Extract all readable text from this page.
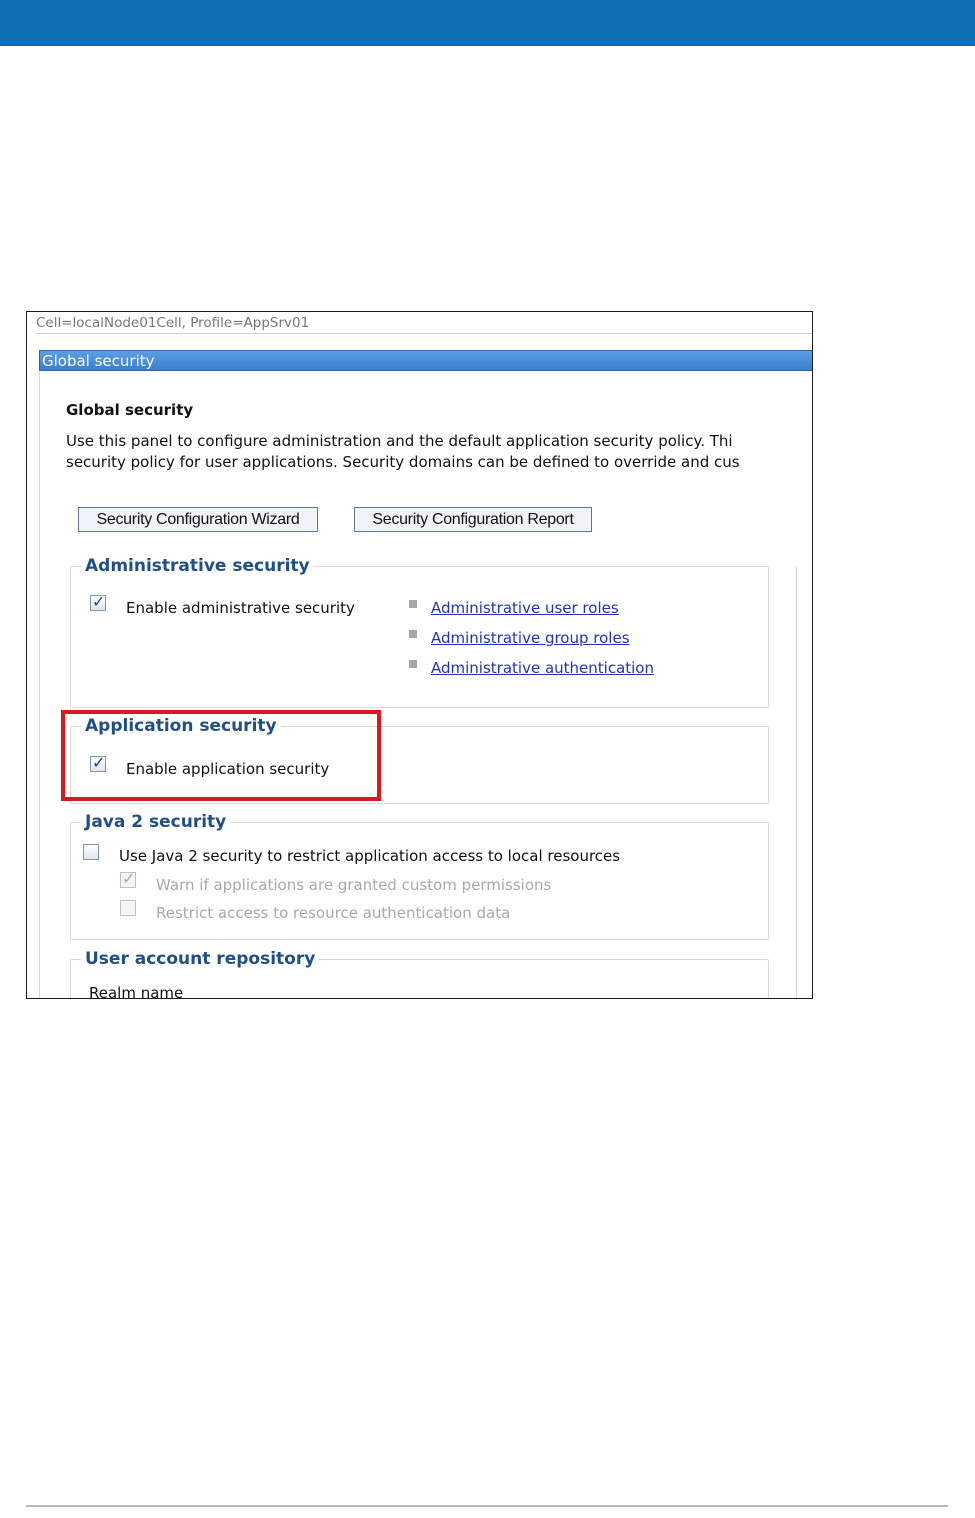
Cell=localNode01Cell, Profile=AppSrv01
Global security
Global security
Use this panel to configure administration and the default application security policy. Thi
security policy for user applications. Security domains can be defined to override and cus
Security Configuration Wizard	Security Configuration Report
Administrative security
✓
Enable administrative security	Administrative user roles
Administrative group roles
Administrative authentication
Application security
✓
Enable application security
Java 2 security
Use Java 2 security to restrict application access to local resources
✓
Warn if applications are granted custom permissions
Restrict access to resource authentication data
User account repository
Realm name
